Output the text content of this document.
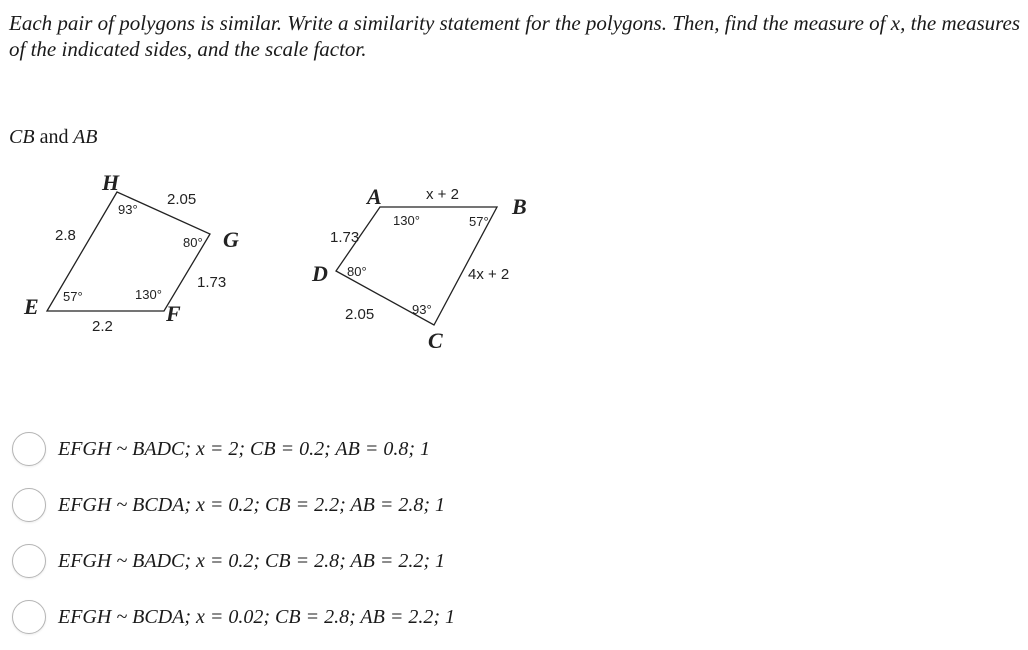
Each pair of polygons is similar. Write a similarity statement for the polygons. Then, find the measure of x, the measures of the indicated sides, and the scale factor.

CB and AB
H
G
F
E
2.05
2.8
1.73
2.2
93°
80°
130°
57°
A	B
C
D
x + 2
1.73
4x + 2
2.05
130°	57°
80°
93°
EFGH ~ BADC; x = 2; CB = 0.2; AB = 0.8; 1
EFGH ~ BCDA; x = 0.2; CB = 2.2; AB = 2.8; 1
EFGH ~ BADC; x = 0.2; CB = 2.8; AB = 2.2; 1
EFGH ~ BCDA; x = 0.02; CB = 2.8; AB = 2.2; 1
